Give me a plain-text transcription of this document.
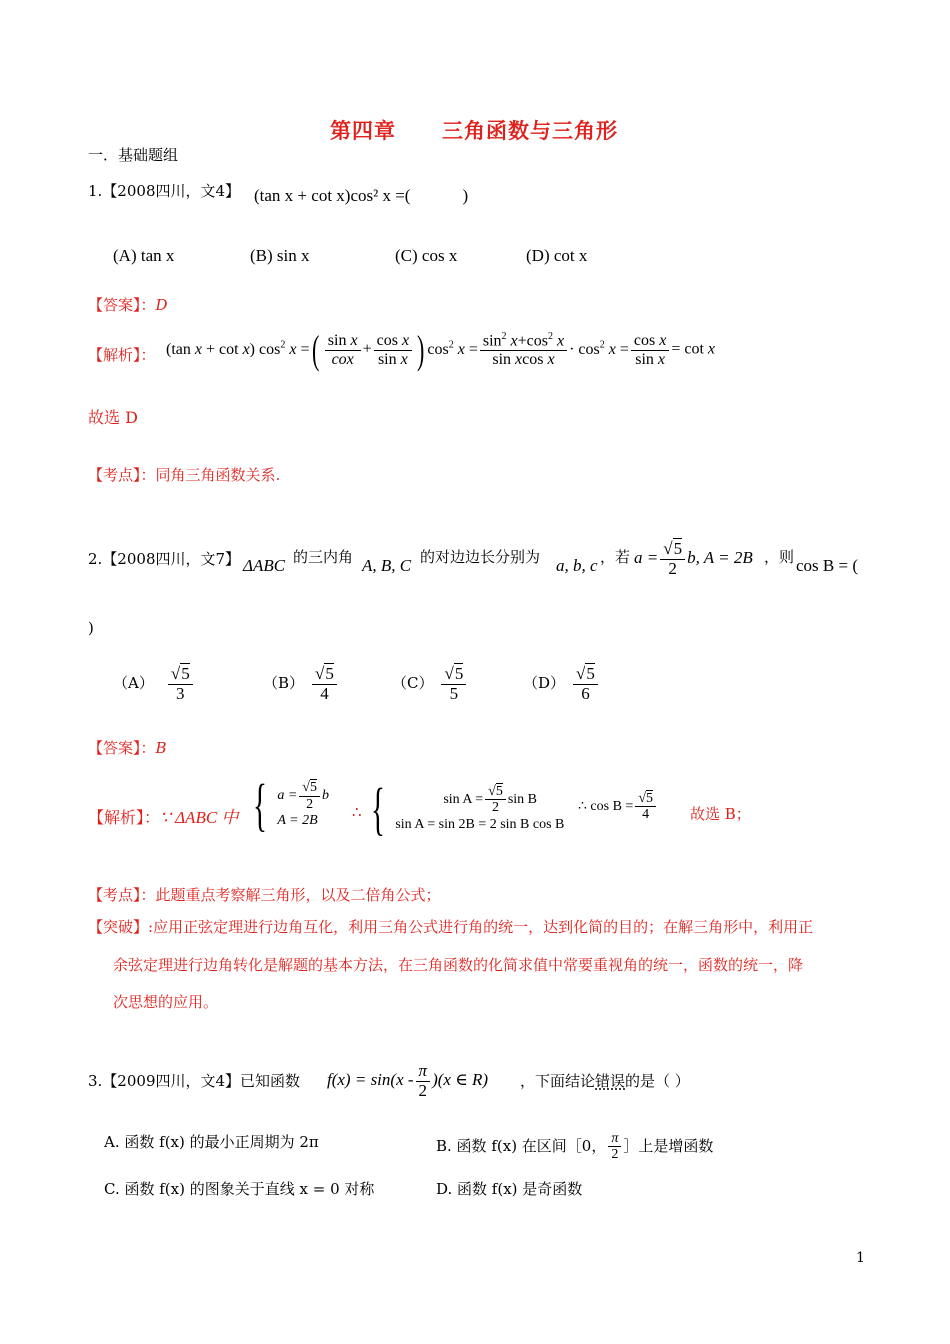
第四章 三角函数与三角形
一．基础题组
1.【2008四川，文4】 (tan x + cot x)cos² x =(	)
(A) tan x	(B) sin x	(C) cos x	(D) cot x
【答案】：D
【解析】： (tan x + cot x) $\cos^2 x$ =( $\frac{\text{sin x}}{\text{cox}} + \frac{\text{cos x}}{\text{sin x}}$ ) $\cos^2 x = \frac{\sin^2 x+\cos^2 x}{\text{sin xcos x}} \cdot \cos^2 x = \frac{\text{cos x}}{\text{sin x}} = \cot x$
故选 D
【考点】：同角三角函数关系.
2.【2008四川，文7】 ΔABC 的三内角 A, B, C 的对边边长分别为 a, b, c ，若 $a = \frac{√5}{2} b$, A = 2B ，则 cos B = (
)
$(A) \frac{√5}{3}$	$(B) \frac{√5}{4}$	$(C) \frac{√5}{5}$	$(D) \frac{√5}{6}$
【答案】：B
【解析】：∵ ΔABC 中 { $a = \frac{√5}{2}$ b
A = 2B	∴ {	$\sin A = \frac{√5}{2}$ sin B
sin A = sin 2B = 2 sin B cos B
∴ $\cos B = \frac{√5}{4}$ 故选 B；
【考点】：此题重点考察解三角形，以及二倍角公式；
【突破】:应用正弦定理进行边角互化，利用三角公式进行角的统一，达到化简的目的；在解三角形中，利用正
余弦定理进行边角转化是解题的基本方法，在三角函数的化简求值中常要重视角的统一，函数的统一，降
次思想的应用。
3.【2009四川，文4】已知函数 $f(x) = \sin(x - \frac{\pi}{2} )(x$ ∈ R) ，下面结论错误的是（ ）
A. 函数 f(x) 的最小正周期为 2π	B. 函数 f(x) 在区间［0， $\frac{\pi}{2}$ ］上是增函数
C. 函数 f(x) 的图象关于直线 x = 0 对称	D. 函数 f(x) 是奇函数
1
